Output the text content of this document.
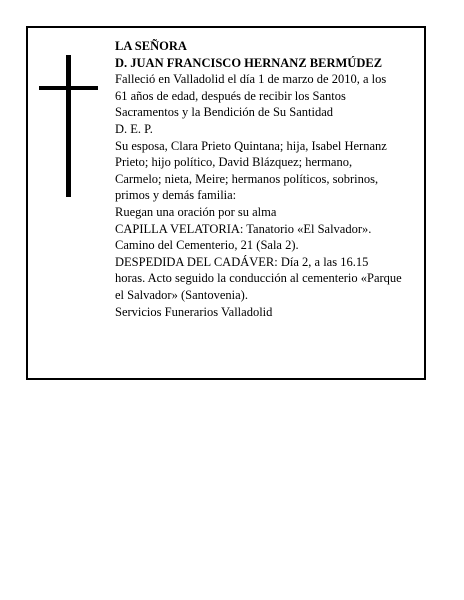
LA SEÑORA
D. JUAN FRANCISCO HERNANZ BERMÚDEZ
Falleció en Valladolid el día 1 de marzo de 2010, a los
61 años de edad, después de recibir los Santos
Sacramentos y la Bendición de Su Santidad
D. E. P.
Su esposa, Clara Prieto Quintana; hija, Isabel Hernanz
Prieto; hijo político, David Blázquez; hermano,
Carmelo; nieta, Meire; hermanos políticos, sobrinos,
primos y demás familia:
Ruegan una oración por su alma
CAPILLA VELATORIA: Tanatorio «El Salvador».
Camino del Cementerio, 21 (Sala 2).
DESPEDIDA DEL CADÁVER: Día 2, a las 16.15
horas. Acto seguido la conducción al cementerio «Parque
el Salvador» (Santovenia).
Servicios Funerarios Valladolid
